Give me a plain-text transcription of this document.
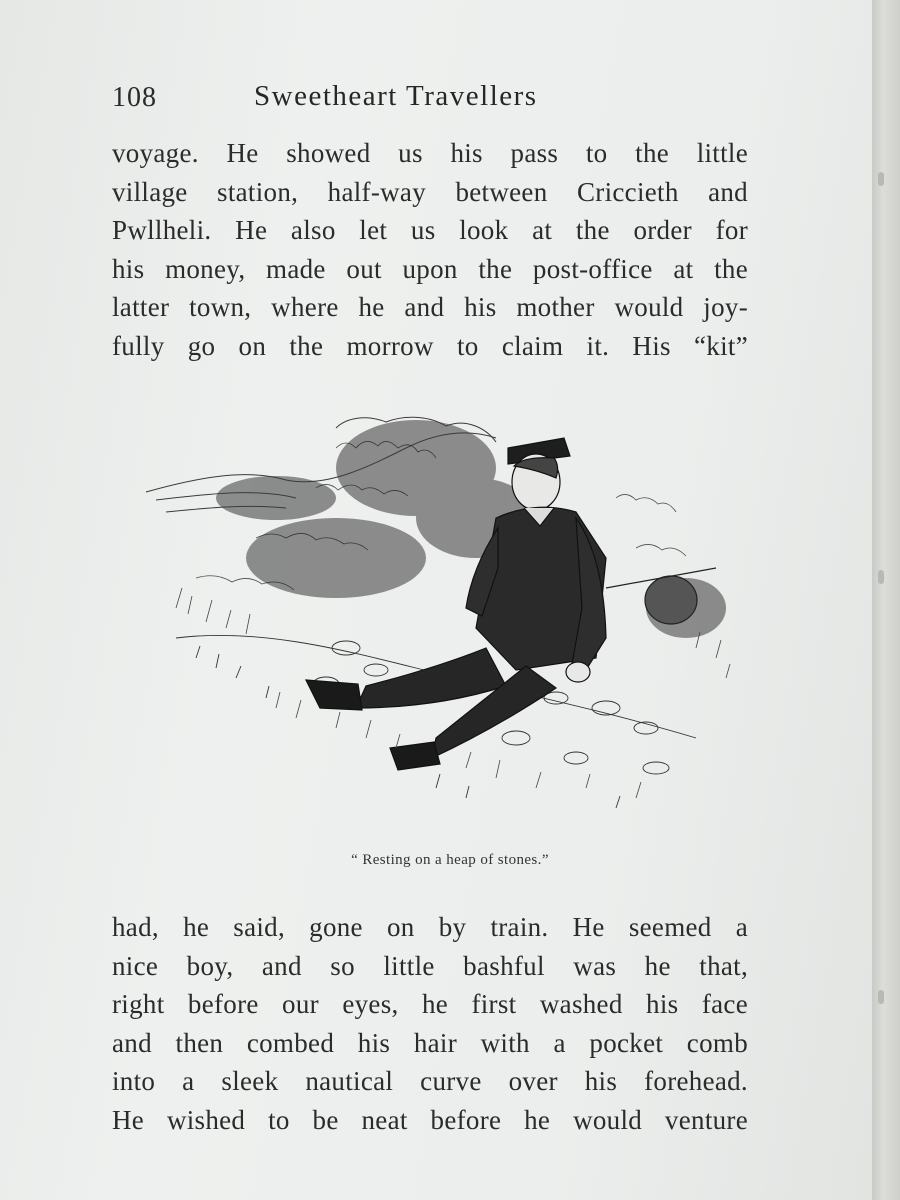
108	Sweetheart Travellers
voyage. He showed us his pass to the little
village station, half-way between Criccieth and
Pwllheli. He also let us look at the order for
his money, made out upon the post-office at the
latter town, where he and his mother would joy-
fully go on the morrow to claim it. His “kit”
“ Resting on a heap of stones.”
had, he said, gone on by train. He seemed a
nice boy, and so little bashful was he that,
right before our eyes, he first washed his face
and then combed his hair with a pocket comb
into a sleek nautical curve over his forehead.
He wished to be neat before he would venture
